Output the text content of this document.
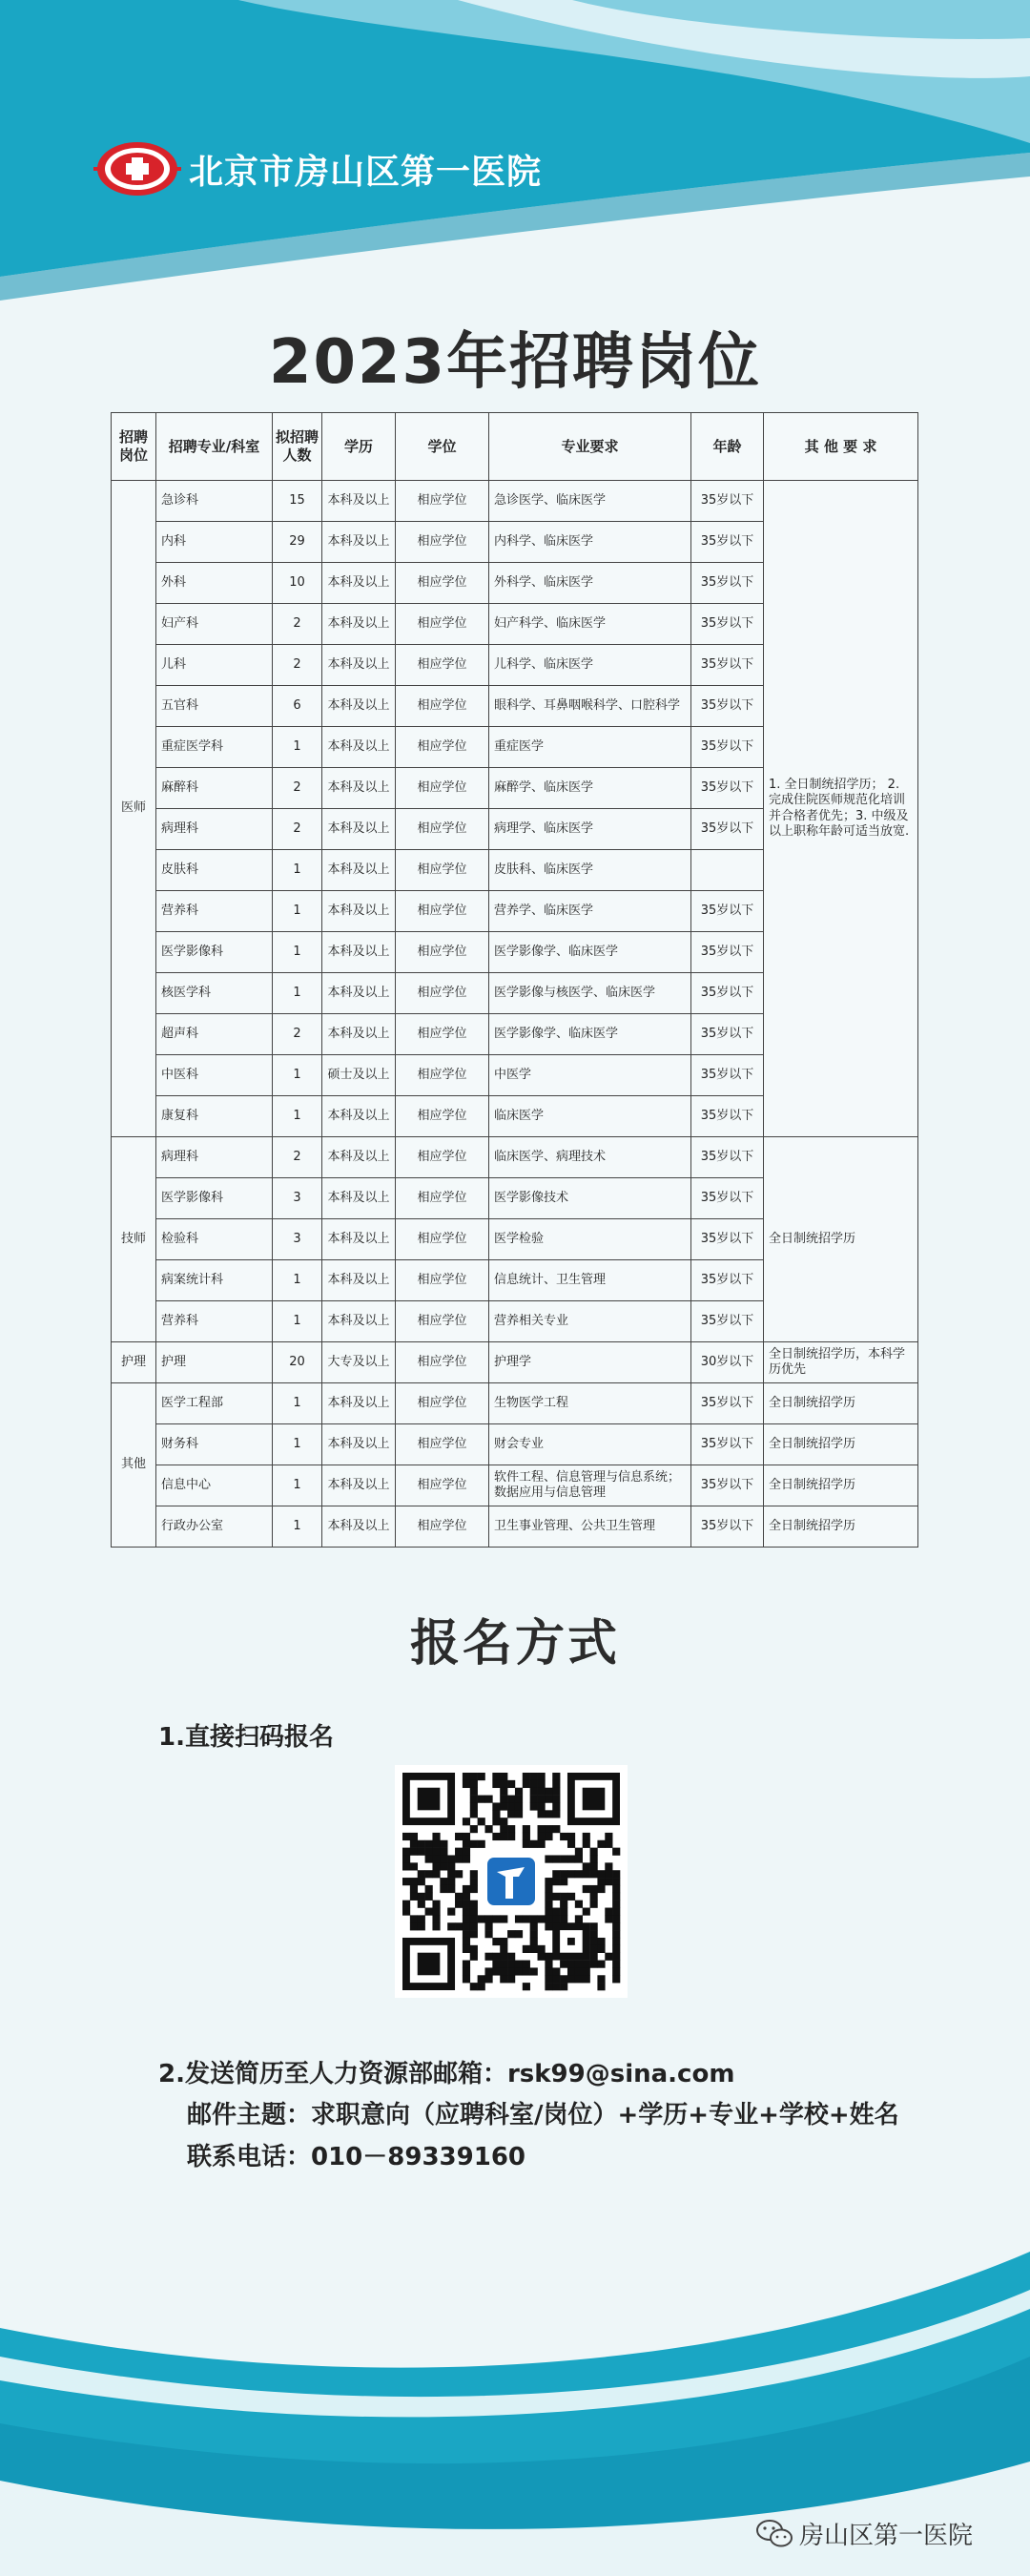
北京市房山区第一医院
2023年招聘岗位
招聘岗位	招聘专业/科室	拟招聘人数	学历	学位	专业要求	年龄	其 他 要 求
医师	急诊科	15	本科及以上	相应学位	急诊医学、临床医学	35岁以下	1. 全日制统招学历； 2. 完成住院医师规范化培训并合格者优先；3. 中级及以上职称年龄可适当放宽.
	内科	29	本科及以上	相应学位	内科学、临床医学	35岁以下	
	外科	10	本科及以上	相应学位	外科学、临床医学	35岁以下	
	妇产科	2	本科及以上	相应学位	妇产科学、临床医学	35岁以下	
	儿科	2	本科及以上	相应学位	儿科学、临床医学	35岁以下	
	五官科	6	本科及以上	相应学位	眼科学、耳鼻咽喉科学、口腔科学	35岁以下	
	重症医学科	1	本科及以上	相应学位	重症医学	35岁以下	
	麻醉科	2	本科及以上	相应学位	麻醉学、临床医学	35岁以下	
	病理科	2	本科及以上	相应学位	病理学、临床医学	35岁以下	
	皮肤科	1	本科及以上	相应学位	皮肤科、临床医学		
	营养科	1	本科及以上	相应学位	营养学、临床医学	35岁以下	
	医学影像科	1	本科及以上	相应学位	医学影像学、临床医学	35岁以下	
	核医学科	1	本科及以上	相应学位	医学影像与核医学、临床医学	35岁以下	
	超声科	2	本科及以上	相应学位	医学影像学、临床医学	35岁以下	
	中医科	1	硕士及以上	相应学位	中医学	35岁以下	
	康复科	1	本科及以上	相应学位	临床医学	35岁以下	
技师	病理科	2	本科及以上	相应学位	临床医学、病理技术	35岁以下	全日制统招学历
	医学影像科	3	本科及以上	相应学位	医学影像技术	35岁以下	
	检验科	3	本科及以上	相应学位	医学检验	35岁以下	
	病案统计科	1	本科及以上	相应学位	信息统计、卫生管理	35岁以下	
	营养科	1	本科及以上	相应学位	营养相关专业	35岁以下	
护理	护理	20	大专及以上	相应学位	护理学	30岁以下	全日制统招学历，本科学历优先
其他	医学工程部	1	本科及以上	相应学位	生物医学工程	35岁以下	全日制统招学历
	财务科	1	本科及以上	相应学位	财会专业	35岁以下	全日制统招学历
	信息中心	1	本科及以上	相应学位	软件工程、信息管理与信息系统；数据应用与信息管理	35岁以下	全日制统招学历
	行政办公室	1	本科及以上	相应学位	卫生事业管理、公共卫生管理	35岁以下	全日制统招学历
报名方式
1.直接扫码报名
2.发送简历至人力资源部邮箱：rsk99@sina.com
邮件主题：求职意向（应聘科室/岗位）+学历+专业+学校+姓名
联系电话：010－89339160
房山区第一医院
